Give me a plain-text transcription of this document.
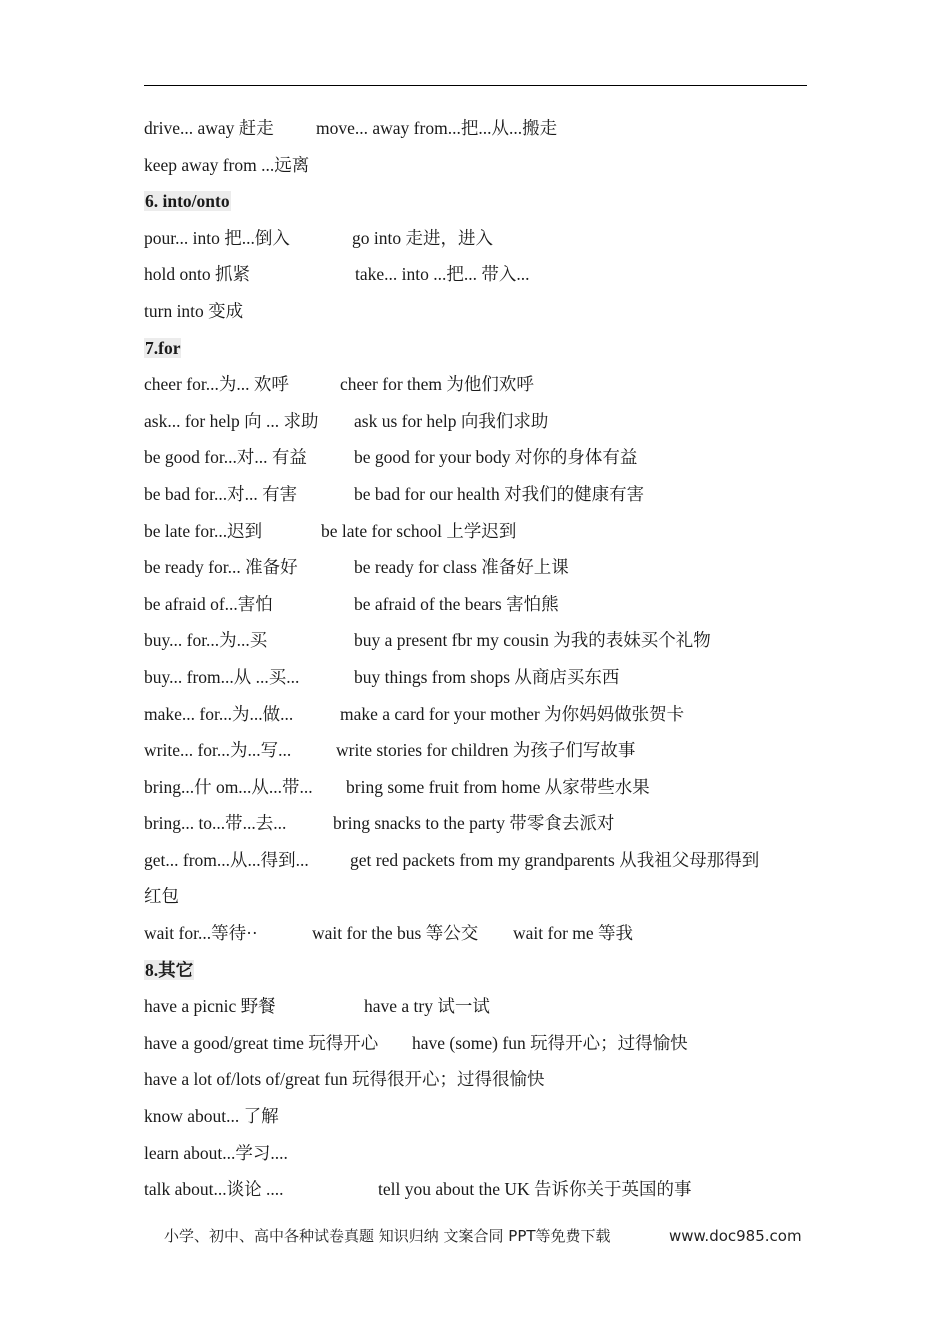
drive... away 赶走 move... away from...把...从...搬走
keep away from ...远离
6. into/onto
pour... into 把...倒入	go into 走进，进入
hold onto 抓紧	take... into ...把... 带入...
turn into 变成
7.for
cheer for...为... 欢呼	cheer for them 为他们欢呼
ask... for help 向 ... 求助 ask us for help 向我们求助
be good for...对... 有益	be good for your body 对你的身体有益
be bad for...对... 有害	be bad for our health 对我们的健康有害
be late for...迟到	be late for school 上学迟到
be ready for... 准备好	be ready for class 准备好上课
be afraid of...害怕	be afraid of the bears 害怕熊
buy... for...为...买	buy a present fbr my cousin 为我的表妹买个礼物
buy... from...从 ...买...	buy things from shops 从商店买东西
make... for...为...做...	make a card for your mother 为你妈妈做张贺卡
write... for...为...写...	write stories for children 为孩子们写故事
bring...什 om...从...带... bring some fruit from home 从家带些水果
bring... to...带...去...	bring snacks to the party 带零食去派对
get... from...从...得到... get red packets from my grandparents 从我祖父母那得到
红包
wait for...等待··	wait for the bus 等公交 wait for me 等我
8.其它
have a picnic 野餐	have a try 试一试
have a good/great time 玩得开心 have (some) fun 玩得开心；过得愉快
have a lot of/lots of/great fun 玩得很开心；过得很愉快
know about... 了解
learn about...学习....
talk about...谈论 ....	tell you about the UK 告诉你关于英国的事
小学、初中、高中各种试卷真题 知识归纳 文案合同 PPT等免费下载	www.doc985.com
